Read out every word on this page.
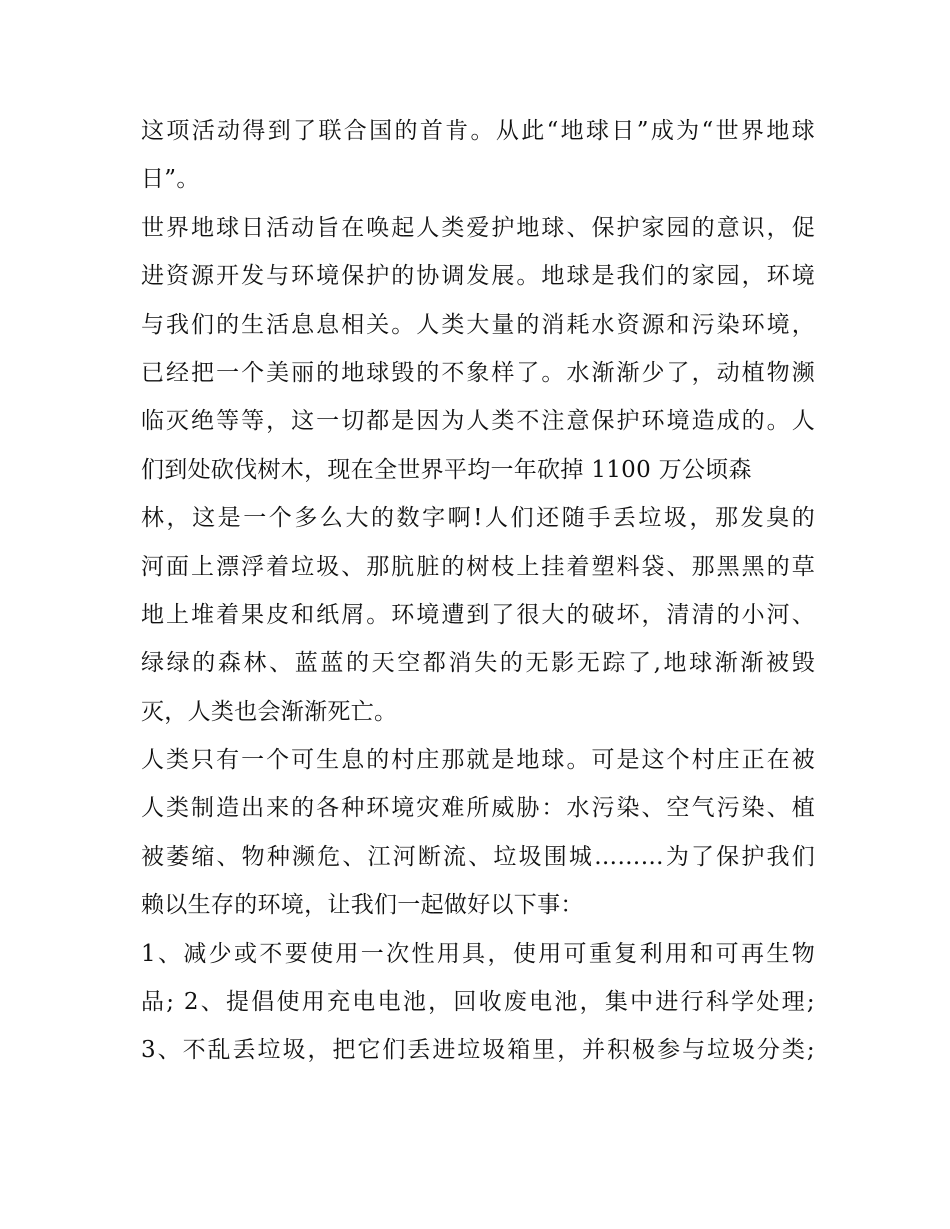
这项活动得到了联合国的首肯。从此“地球日”成为“世界地球
日”。
世界地球日活动旨在唤起人类爱护地球、保护家园的意识，促
进资源开发与环境保护的协调发展。地球是我们的家园，环境
与我们的生活息息相关。人类大量的消耗水资源和污染环境，
已经把一个美丽的地球毁的不象样了。水渐渐少了，动植物濒
临灭绝等等，这一切都是因为人类不注意保护环境造成的。人
们到处砍伐树木，现在全世界平均一年砍掉 1100 万公顷森
林，这是一个多么大的数字啊!人们还随手丢垃圾，那发臭的
河面上漂浮着垃圾、那肮脏的树枝上挂着塑料袋、那黑黑的草
地上堆着果皮和纸屑。环境遭到了很大的破坏，清清的小河、
绿绿的森林、蓝蓝的天空都消失的无影无踪了,地球渐渐被毁
灭，人类也会渐渐死亡。
人类只有一个可生息的村庄那就是地球。可是这个村庄正在被
人类制造出来的各种环境灾难所威胁：水污染、空气污染、植
被萎缩、物种濒危、江河断流、垃圾围城………为了保护我们
赖以生存的环境，让我们一起做好以下事：
1、减少或不要使用一次性用具，使用可重复利用和可再生物
品; 2、提倡使用充电电池，回收废电池，集中进行科学处理;
3、不乱丢垃圾，把它们丢进垃圾箱里，并积极参与垃圾分类;
